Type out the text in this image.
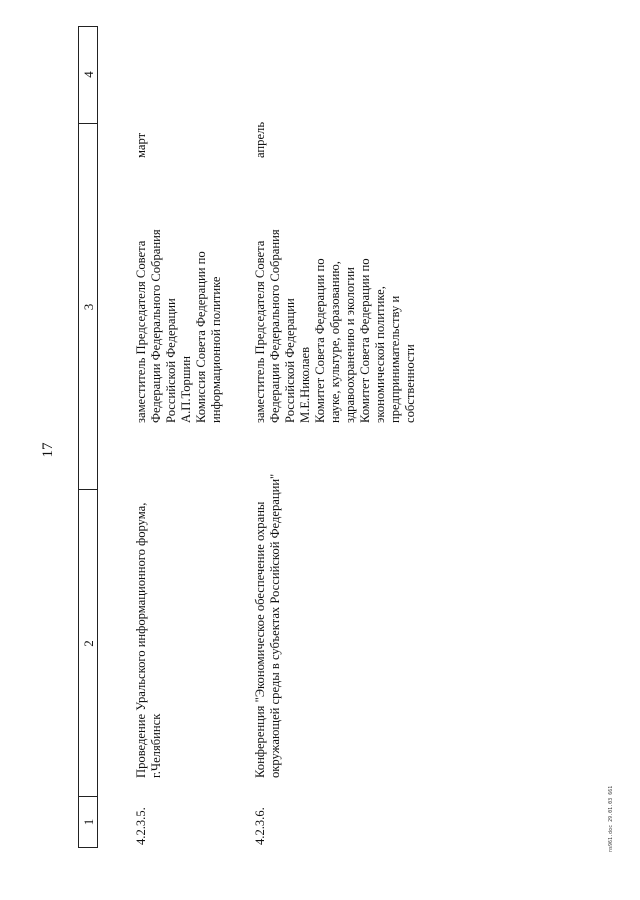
17
1
2
3
4
4.2.3.5.
Проведение Уральского информационного форума, г.Челябинск
заместитель Председателя Совета Федерации Федерального Собрания Российской Федерации А.П.Торшин Комиссия Совета Федерации по информационной политике
март
4.2.3.6.
Конференция "Экономическое обеспечение охраны окружающей среды в субъектах Российской Федерации"
заместитель Председателя Совета Федерации Федерального Собрания Российской Федерации М.Е.Николаев Комитет Совета Федерации по науке, культуре, образованию, здравоохранению и экологии Комитет Совета Федерации по экономической политике, предпринимательству и собственности
апрель
ns961.doc 29.01.03 661
